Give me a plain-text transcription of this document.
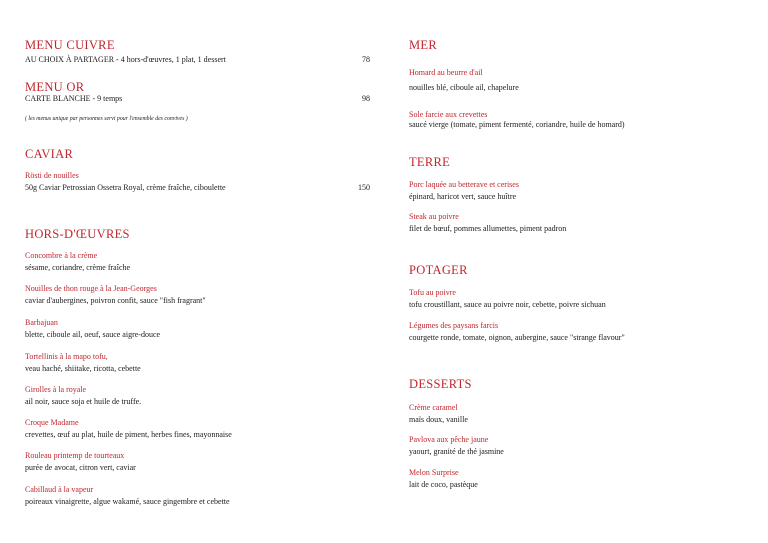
MENU CUIVRE
AU CHOIX À PARTAGER - 4 hors-d'œuvres, 1 plat, 1 dessert	78
MENU OR
CARTE BLANCHE - 9 temps	98
( les menus unique par personnes servi pour l'ensemble des convives )
CAVIAR
Rösti de nouilles
50g Caviar Petrossian Ossetra Royal, crème fraîche, ciboulette	150
HORS-D'ŒUVRES
Concombre à la crème
sésame, coriandre, crème fraîche
Nouilles de thon rouge à la Jean-Georges
caviar d'aubergines, poivron confit, sauce "fish fragrant"
Barbajuan
blette, ciboule ail, oeuf, sauce aigre-douce
Tortellinis à la mapo tofu,
veau haché, shiitake, ricotta, cebette
Girolles à la royale
ail noir, sauce soja et huile de truffe.
Croque Madame
crevettes, œuf au plat, huile de piment, herbes fines, mayonnaise
Rouleau printemp de tourteaux
purée de avocat, citron vert, caviar
Cabillaud à la vapeur
poireaux vinaigrette, algue wakamé, sauce gingembre et cebette
MER
Homard au beurre d'ail
nouilles blé, ciboule ail, chapelure
Sole farcie aux crevettes
saucé vierge (tomate, piment fermenté, coriandre, huile de homard)
TERRE
Porc laquée au betterave et cerises
épinard, haricot vert, sauce huître
Steak au poivre
filet de bœuf, pommes allumettes, piment padron
POTAGER
Tofu au poivre
tofu croustillant, sauce au poivre noir, cebette, poivre sichuan
Légumes des paysans farcis
courgette ronde, tomate, oignon, aubergine, sauce "strange flavour"
DESSERTS
Crème caramel
maïs doux, vanille
Pavlova aux pêche jaune
yaourt, granité de thé jasmine
Melon Surprise
lait de coco, pastèque
